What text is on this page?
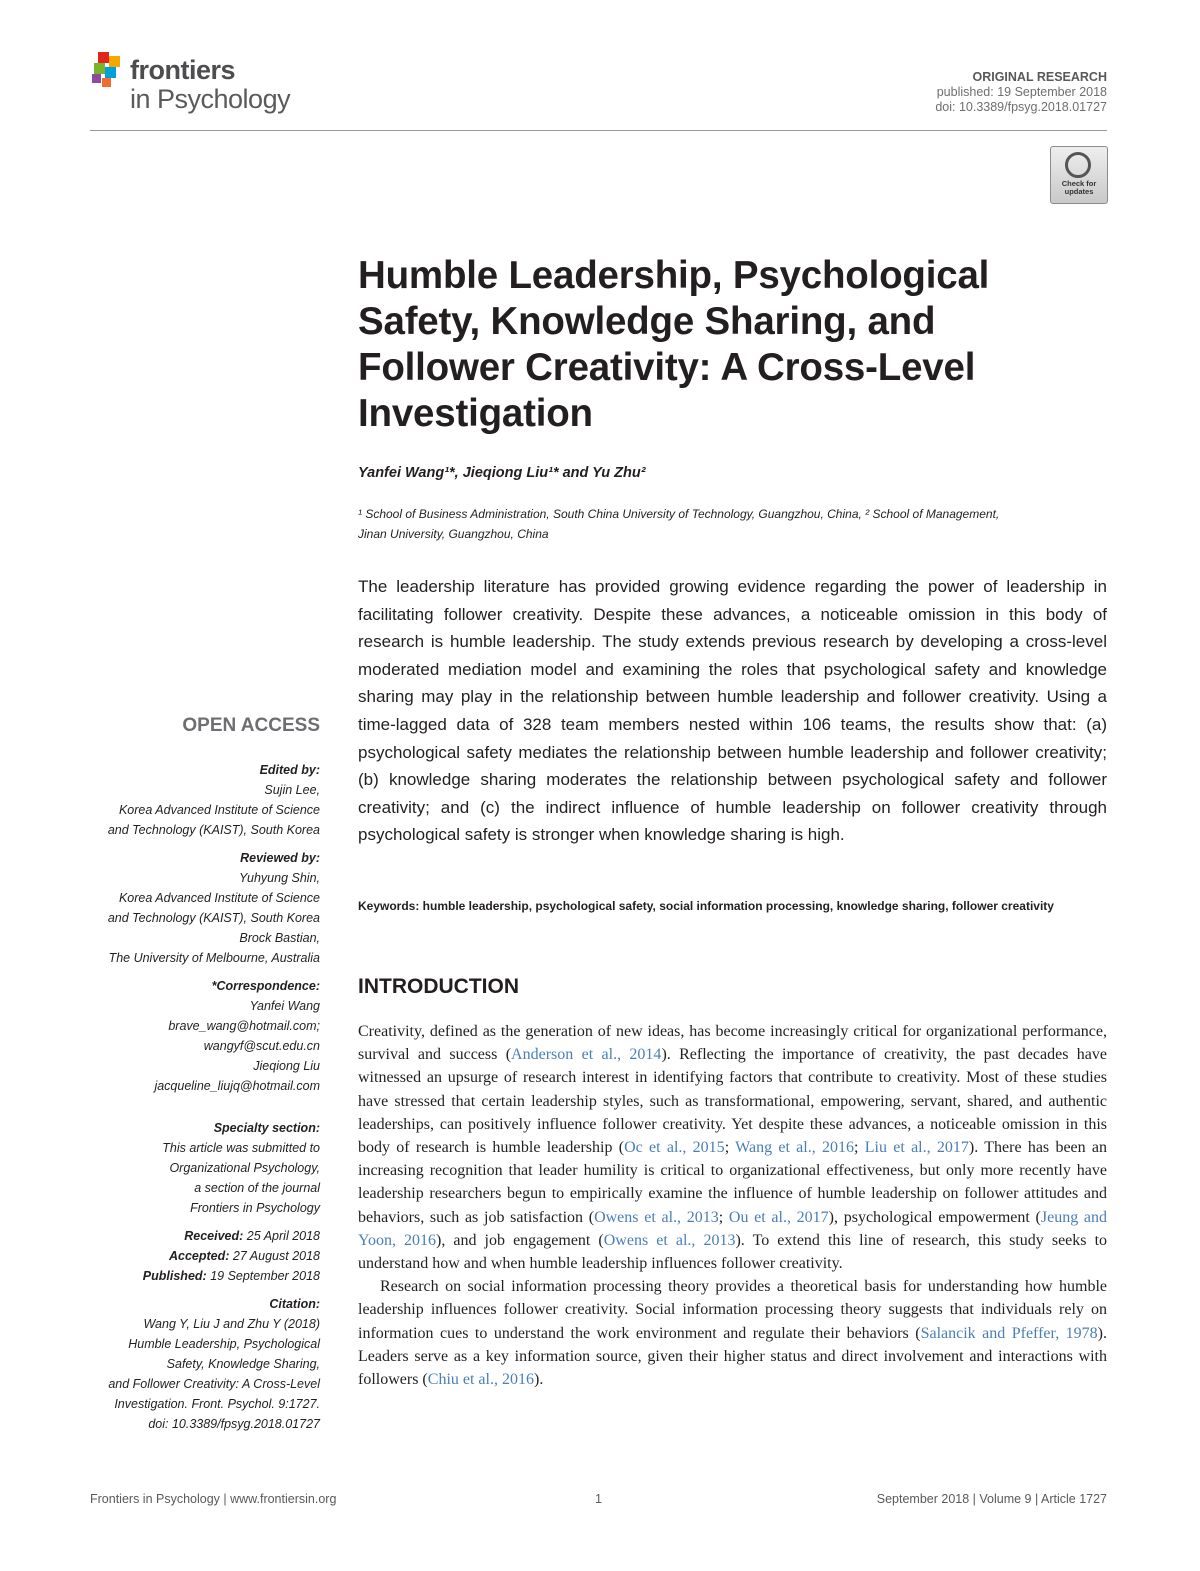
frontiers
in Psychology
ORIGINAL RESEARCH
published: 19 September 2018
doi: 10.3389/fpsyg.2018.01727
Check for
updates
Humble Leadership, Psychological
Safety, Knowledge Sharing, and
Follower Creativity: A Cross-Level
Investigation
Yanfei Wang¹*, Jieqiong Liu¹* and Yu Zhu²
¹ School of Business Administration, South China University of Technology, Guangzhou, China, ² School of Management,
Jinan University, Guangzhou, China
The leadership literature has provided growing evidence regarding the power of leadership in facilitating follower creativity. Despite these advances, a noticeable omission in this body of research is humble leadership. The study extends previous research by developing a cross-level moderated mediation model and examining the roles that psychological safety and knowledge sharing may play in the relationship between humble leadership and follower creativity. Using a time-lagged data of 328 team members nested within 106 teams, the results show that: (a) psychological safety mediates the relationship between humble leadership and follower creativity; (b) knowledge sharing moderates the relationship between psychological safety and follower creativity; and (c) the indirect influence of humble leadership on follower creativity through psychological safety is stronger when knowledge sharing is high.
Keywords: humble leadership, psychological safety, social information processing, knowledge sharing, follower creativity
INTRODUCTION

Creativity, defined as the generation of new ideas, has become increasingly critical for organizational performance, survival and success (Anderson et al., 2014). Reflecting the importance of creativity, the past decades have witnessed an upsurge of research interest in identifying factors that contribute to creativity. Most of these studies have stressed that certain leadership styles, such as transformational, empowering, servant, shared, and authentic leaderships, can positively influence follower creativity. Yet despite these advances, a noticeable omission in this body of research is humble leadership (Oc et al., 2015; Wang et al., 2016; Liu et al., 2017). There has been an increasing recognition that leader humility is critical to organizational effectiveness, but only more recently have leadership researchers begun to empirically examine the influence of humble leadership on follower attitudes and behaviors, such as job satisfaction (Owens et al., 2013; Ou et al., 2017), psychological empowerment (Jeung and Yoon, 2016), and job engagement (Owens et al., 2013). To extend this line of research, this study seeks to understand how and when humble leadership influences follower creativity.

Research on social information processing theory provides a theoretical basis for understanding how humble leadership influences follower creativity. Social information processing theory suggests that individuals rely on information cues to understand the work environment and regulate their behaviors (Salancik and Pfeffer, 1978). Leaders serve as a key information source, given their higher status and direct involvement and interactions with followers (Chiu et al., 2016).

OPEN ACCESS
Edited by:
Sujin Lee,
Korea Advanced Institute of Science
and Technology (KAIST), South Korea
Reviewed by:
Yuhyung Shin,
Korea Advanced Institute of Science
and Technology (KAIST), South Korea
Brock Bastian,
The University of Melbourne, Australia
*Correspondence:
Yanfei Wang
brave_wang@hotmail.com;
wangyf@scut.edu.cn
Jieqiong Liu
jacqueline_liujq@hotmail.com
Specialty section:
This article was submitted to
Organizational Psychology,
a section of the journal
Frontiers in Psychology
Received: 25 April 2018
Accepted: 27 August 2018
Published: 19 September 2018
Citation:
Wang Y, Liu J and Zhu Y (2018)
Humble Leadership, Psychological
Safety, Knowledge Sharing,
and Follower Creativity: A Cross-Level
Investigation. Front. Psychol. 9:1727.
doi: 10.3389/fpsyg.2018.01727
Frontiers in Psychology | www.frontiersin.org	1	September 2018 | Volume 9 | Article 1727
